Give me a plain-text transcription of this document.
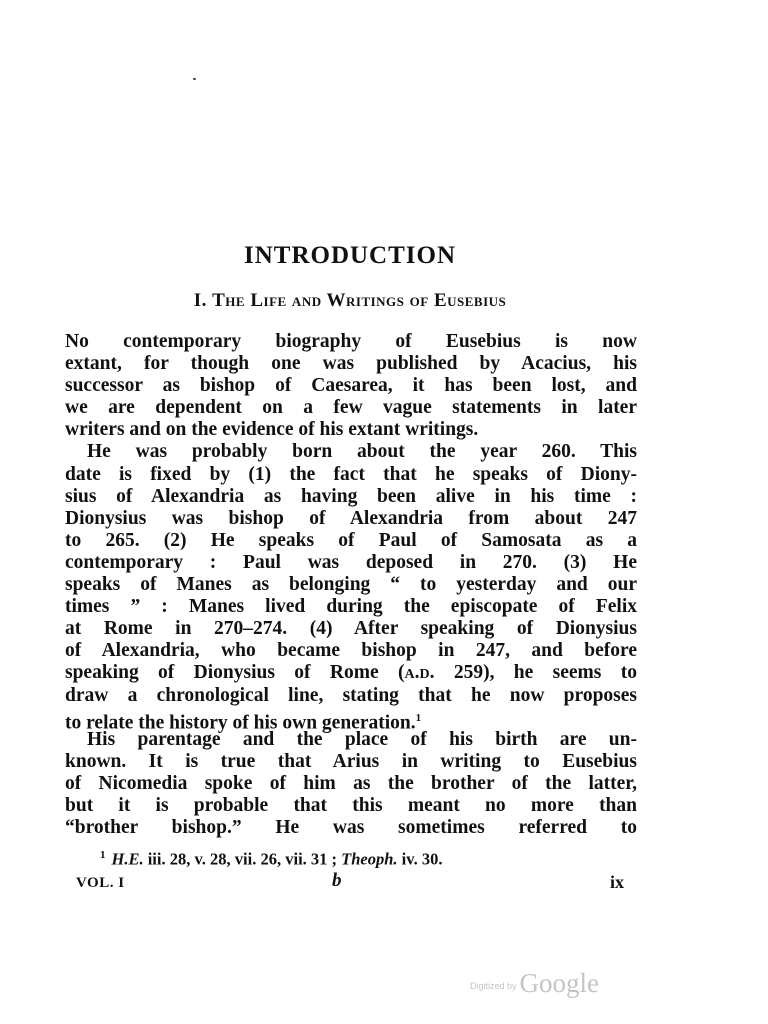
INTRODUCTION
I. The Life and Writings of Eusebius
No contemporary biography of Eusebius is now
extant, for though one was published by Acacius, his
successor as bishop of Caesarea, it has been lost, and
we are dependent on a few vague statements in later
writers and on the evidence of his extant writings.
He was probably born about the year 260. This
date is fixed by (1) the fact that he speaks of Diony-
sius of Alexandria as having been alive in his time :
Dionysius was bishop of Alexandria from about 247
to 265. (2) He speaks of Paul of Samosata as a
contemporary : Paul was deposed in 270. (3) He
speaks of Manes as belonging “ to yesterday and our
times ” : Manes lived during the episcopate of Felix
at Rome in 270–274. (4) After speaking of Dionysius
of Alexandria, who became bishop in 247, and before
speaking of Dionysius of Rome (a.d. 259), he seems to
draw a chronological line, stating that he now proposes
to relate the history of his own generation.$^1$
His parentage and the place of his birth are un-
known. It is true that Arius in writing to Eusebius
of Nicomedia spoke of him as the brother of the latter,
but it is probable that this meant no more than
“brother bishop.” He was sometimes referred to
$^1$ H.E. iii. 28, v. 28, vii. 26, vii. 31 ; Theoph. iv. 30.
VOL. I	b	ix
Digitized by Google
